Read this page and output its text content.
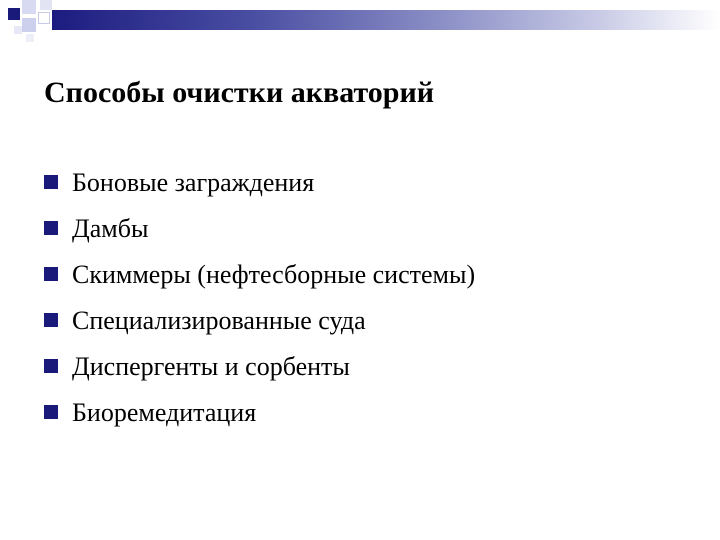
Способы очистки акваторий
Боновые заграждения
Дамбы
Скиммеры (нефтесборные системы)
Специализированные суда
Диспергенты и сорбенты
Биоремедитация
